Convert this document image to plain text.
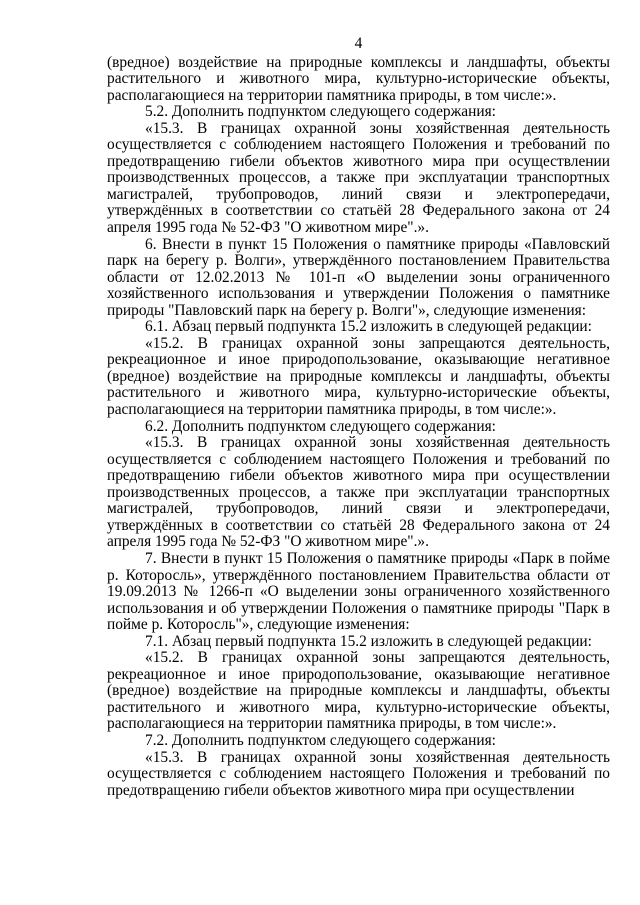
4

(вредное) воздействие на природные комплексы и ландшафты, объекты растительного и животного мира, культурно-исторические объекты, располагающиеся на территории памятника природы, в том числе:».

5.2. Дополнить подпунктом следующего содержания:

«15.3. В границах охранной зоны хозяйственная деятельность осуществляется с соблюдением настоящего Положения и требований по предотвращению гибели объектов животного мира при осуществлении производственных процессов, а также при эксплуатации транспортных магистралей, трубопроводов, линий связи и электропередачи, утверждённых в соответствии со статьёй 28 Федерального закона от 24 апреля 1995 года № 52-ФЗ "О животном мире".».

6. Внести в пункт 15 Положения о памятнике природы «Павловский парк на берегу р. Волги», утверждённого постановлением Правительства области от 12.02.2013 № 101-п «О выделении зоны ограниченного хозяйственного использования и утверждении Положения о памятнике природы "Павловский парк на берегу р. Волги"», следующие изменения:

6.1. Абзац первый подпункта 15.2 изложить в следующей редакции:

«15.2. В границах охранной зоны запрещаются деятельность, рекреационное и иное природопользование, оказывающие негативное (вредное) воздействие на природные комплексы и ландшафты, объекты растительного и животного мира, культурно-исторические объекты, располагающиеся на территории памятника природы, в том числе:».

6.2. Дополнить подпунктом следующего содержания:

«15.3. В границах охранной зоны хозяйственная деятельность осуществляется с соблюдением настоящего Положения и требований по предотвращению гибели объектов животного мира при осуществлении производственных процессов, а также при эксплуатации транспортных магистралей, трубопроводов, линий связи и электропередачи, утверждённых в соответствии со статьёй 28 Федерального закона от 24 апреля 1995 года № 52-ФЗ "О животном мире".».

7. Внести в пункт 15 Положения о памятнике природы «Парк в пойме р. Которосль», утверждённого постановлением Правительства области от 19.09.2013 № 1266-п «О выделении зоны ограниченного хозяйственного использования и об утверждении Положения о памятнике природы "Парк в пойме р. Которосль"», следующие изменения:

7.1. Абзац первый подпункта 15.2 изложить в следующей редакции:

«15.2. В границах охранной зоны запрещаются деятельность, рекреационное и иное природопользование, оказывающие негативное (вредное) воздействие на природные комплексы и ландшафты, объекты растительного и животного мира, культурно-исторические объекты, располагающиеся на территории памятника природы, в том числе:».

7.2. Дополнить подпунктом следующего содержания:

«15.3. В границах охранной зоны хозяйственная деятельность осуществляется с соблюдением настоящего Положения и требований по предотвращению гибели объектов животного мира при осуществлении
